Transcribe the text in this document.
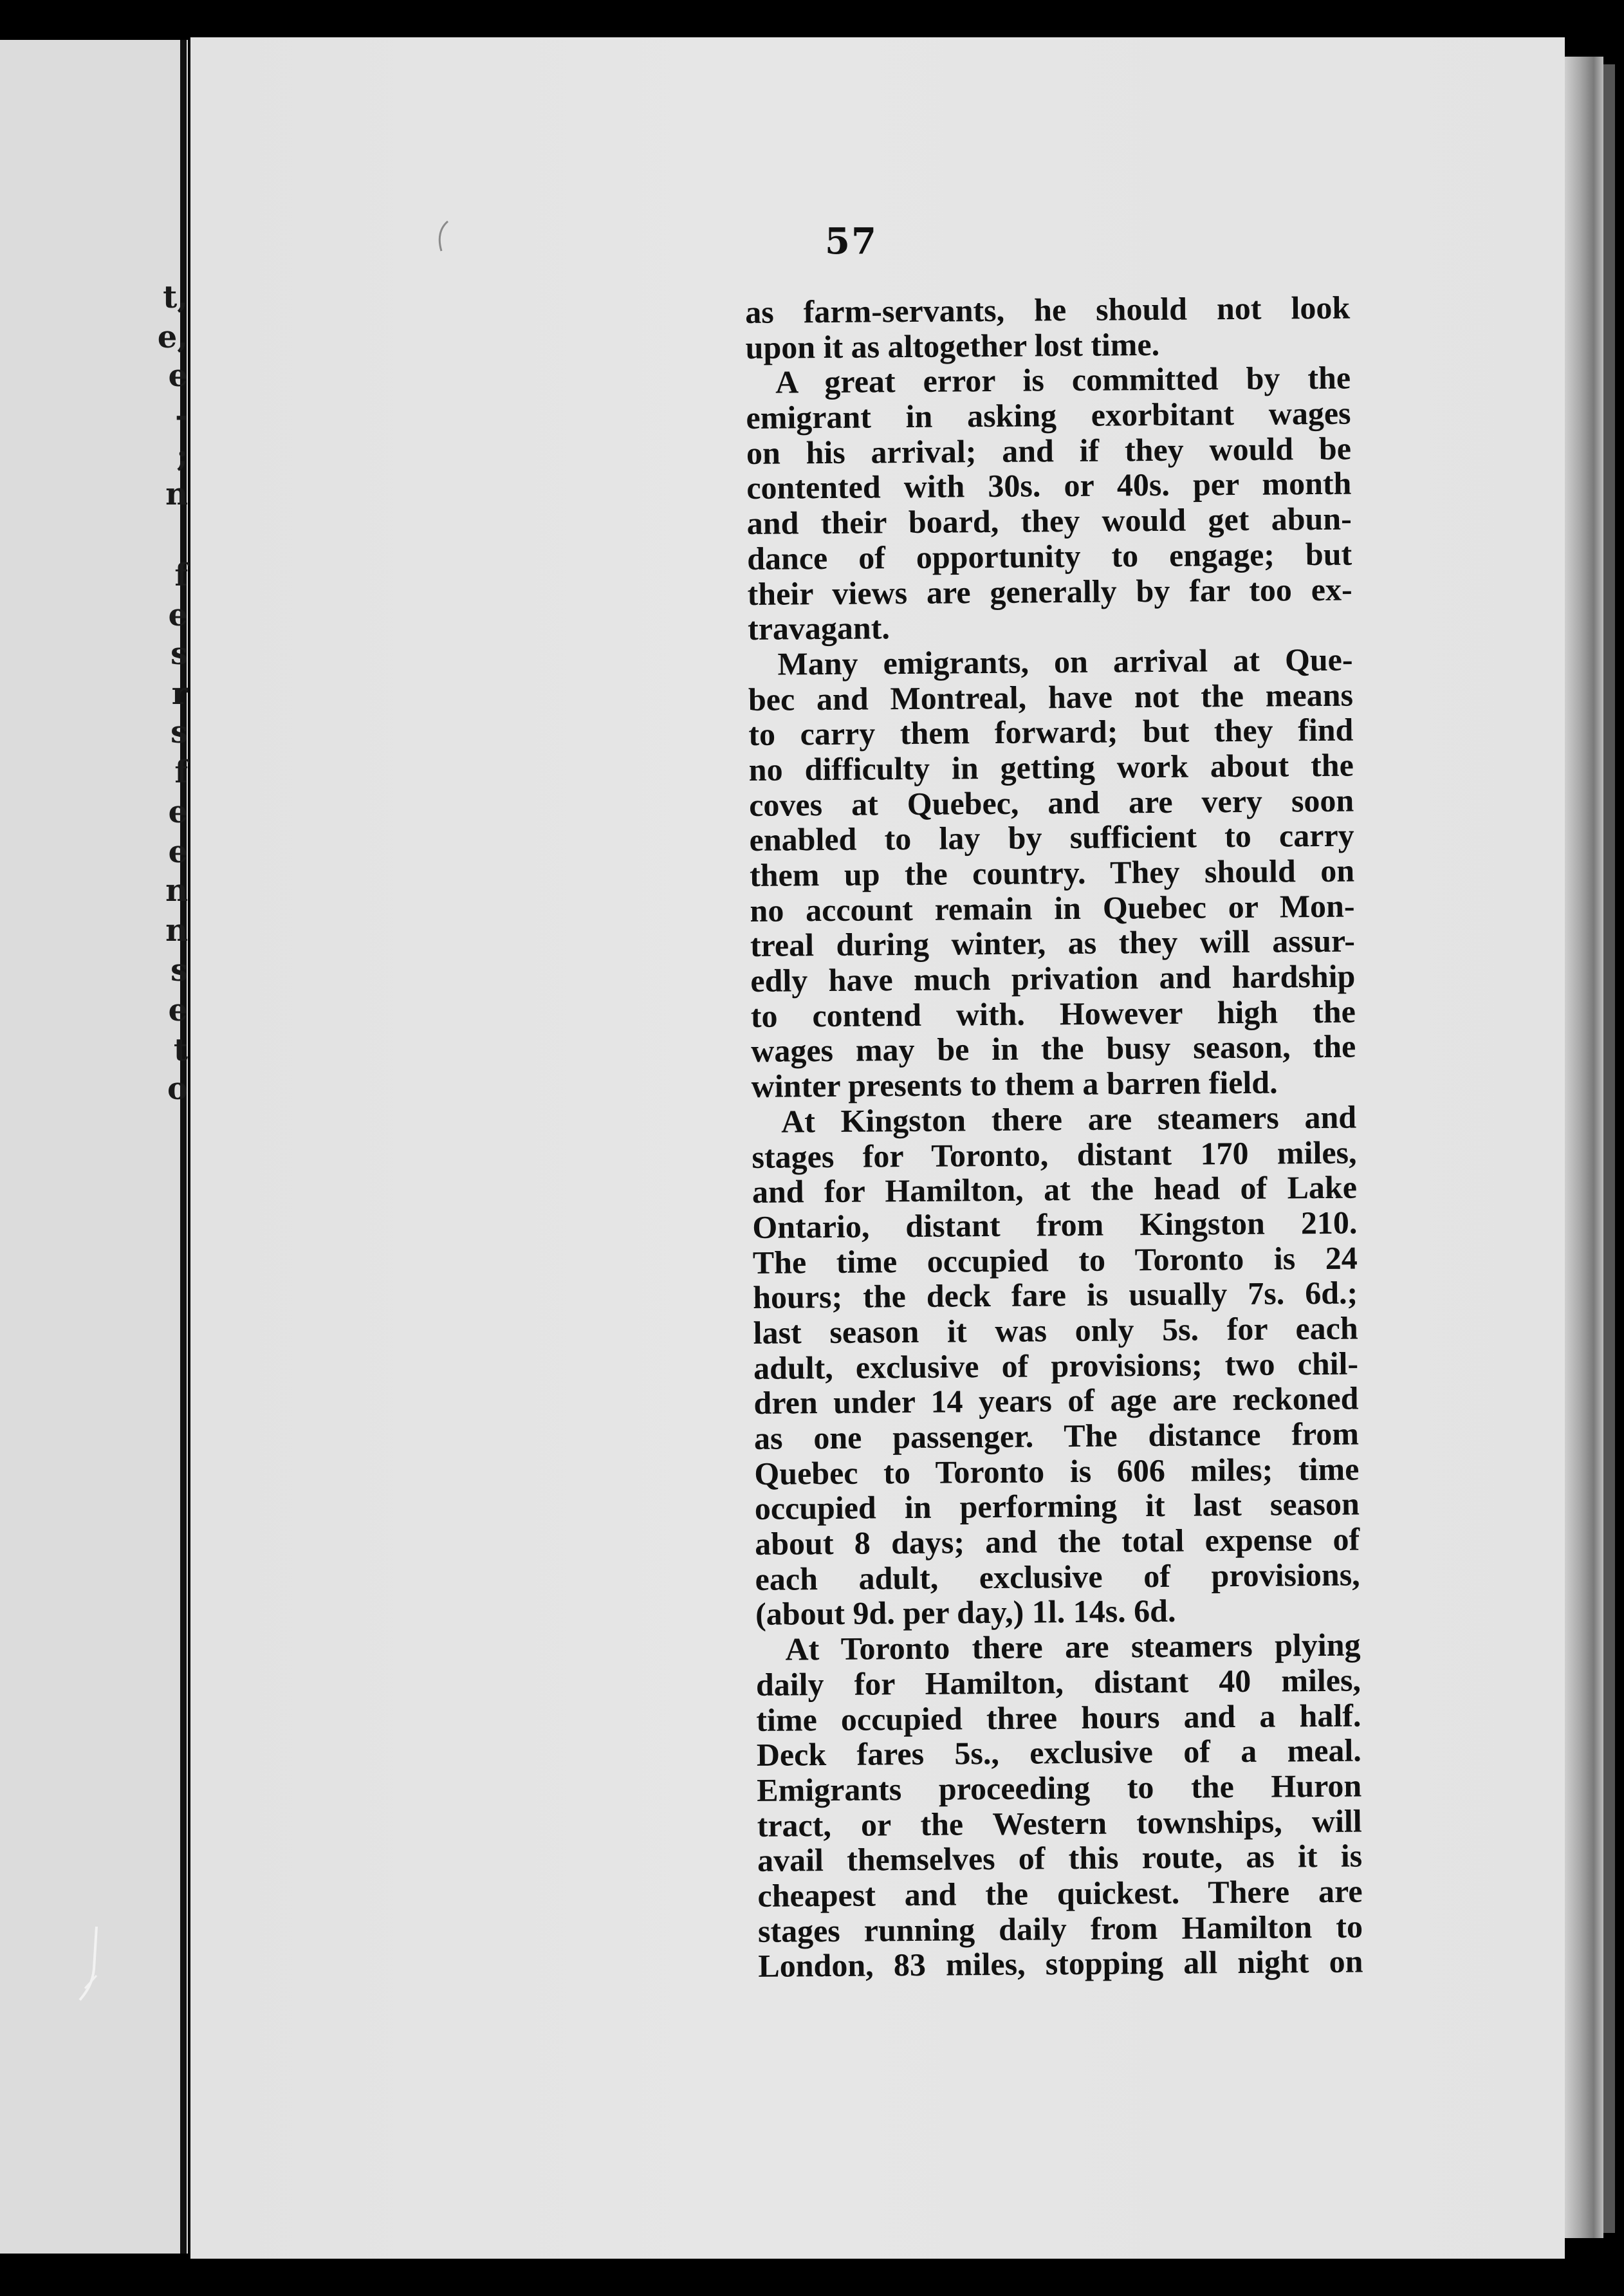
t,
e,
e
-
;
n
f
e
s
r
s
f
e
e
n
n
s
e
t
o
57
as farm-servants, he should not look
upon it as altogether lost time.
A great error is committed by the
emigrant in asking exorbitant wages
on his arrival; and if they would be
contented with 30s. or 40s. per month
and their board, they would get abun-
dance of opportunity to engage; but
their views are generally by far too ex-
travagant.
Many emigrants, on arrival at Que-
bec and Montreal, have not the means
to carry them forward; but they find
no difficulty in getting work about the
coves at Quebec, and are very soon
enabled to lay by sufficient to carry
them up the country. They should on
no account remain in Quebec or Mon-
treal during winter, as they will assur-
edly have much privation and hardship
to contend with. However high the
wages may be in the busy season, the
winter presents to them a barren field.
At Kingston there are steamers and
stages for Toronto, distant 170 miles,
and for Hamilton, at the head of Lake
Ontario, distant from Kingston 210.
The time occupied to Toronto is 24
hours; the deck fare is usually 7s. 6d.;
last season it was only 5s. for each
adult, exclusive of provisions; two chil-
dren under 14 years of age are reckoned
as one passenger. The distance from
Quebec to Toronto is 606 miles; time
occupied in performing it last season
about 8 days; and the total expense of
each adult, exclusive of provisions,
(about 9d. per day,) 1l. 14s. 6d.
At Toronto there are steamers plying
daily for Hamilton, distant 40 miles,
time occupied three hours and a half.
Deck fares 5s., exclusive of a meal.
Emigrants proceeding to the Huron
tract, or the Western townships, will
avail themselves of this route, as it is
cheapest and the quickest. There are
stages running daily from Hamilton to
London, 83 miles, stopping all night on
